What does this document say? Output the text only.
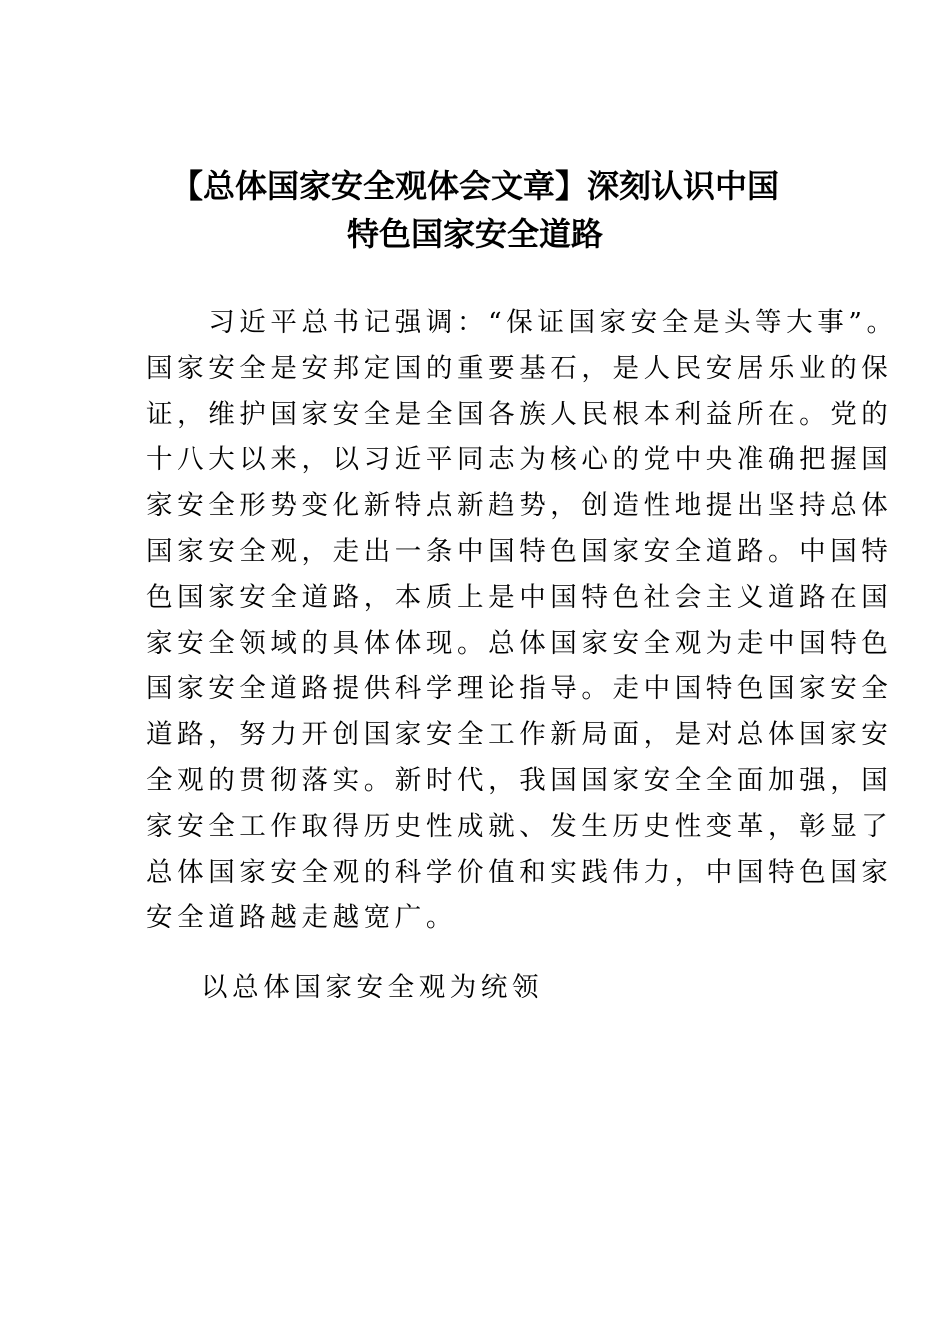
【总体国家安全观体会文章】深刻认识中国
特色国家安全道路

　　习近平总书记强调：“保证国家安全是头等大事”。
国家安全是安邦定国的重要基石，是人民安居乐业的保
证，维护国家安全是全国各族人民根本利益所在。党的
十八大以来，以习近平同志为核心的党中央准确把握国
家安全形势变化新特点新趋势，创造性地提出坚持总体
国家安全观，走出一条中国特色国家安全道路。中国特
色国家安全道路，本质上是中国特色社会主义道路在国
家安全领域的具体体现。总体国家安全观为走中国特色
国家安全道路提供科学理论指导。走中国特色国家安全
道路，努力开创国家安全工作新局面，是对总体国家安
全观的贯彻落实。新时代，我国国家安全全面加强，国
家安全工作取得历史性成就、发生历史性变革，彰显了
总体国家安全观的科学价值和实践伟力，中国特色国家
安全道路越走越宽广。

以总体国家安全观为统领
